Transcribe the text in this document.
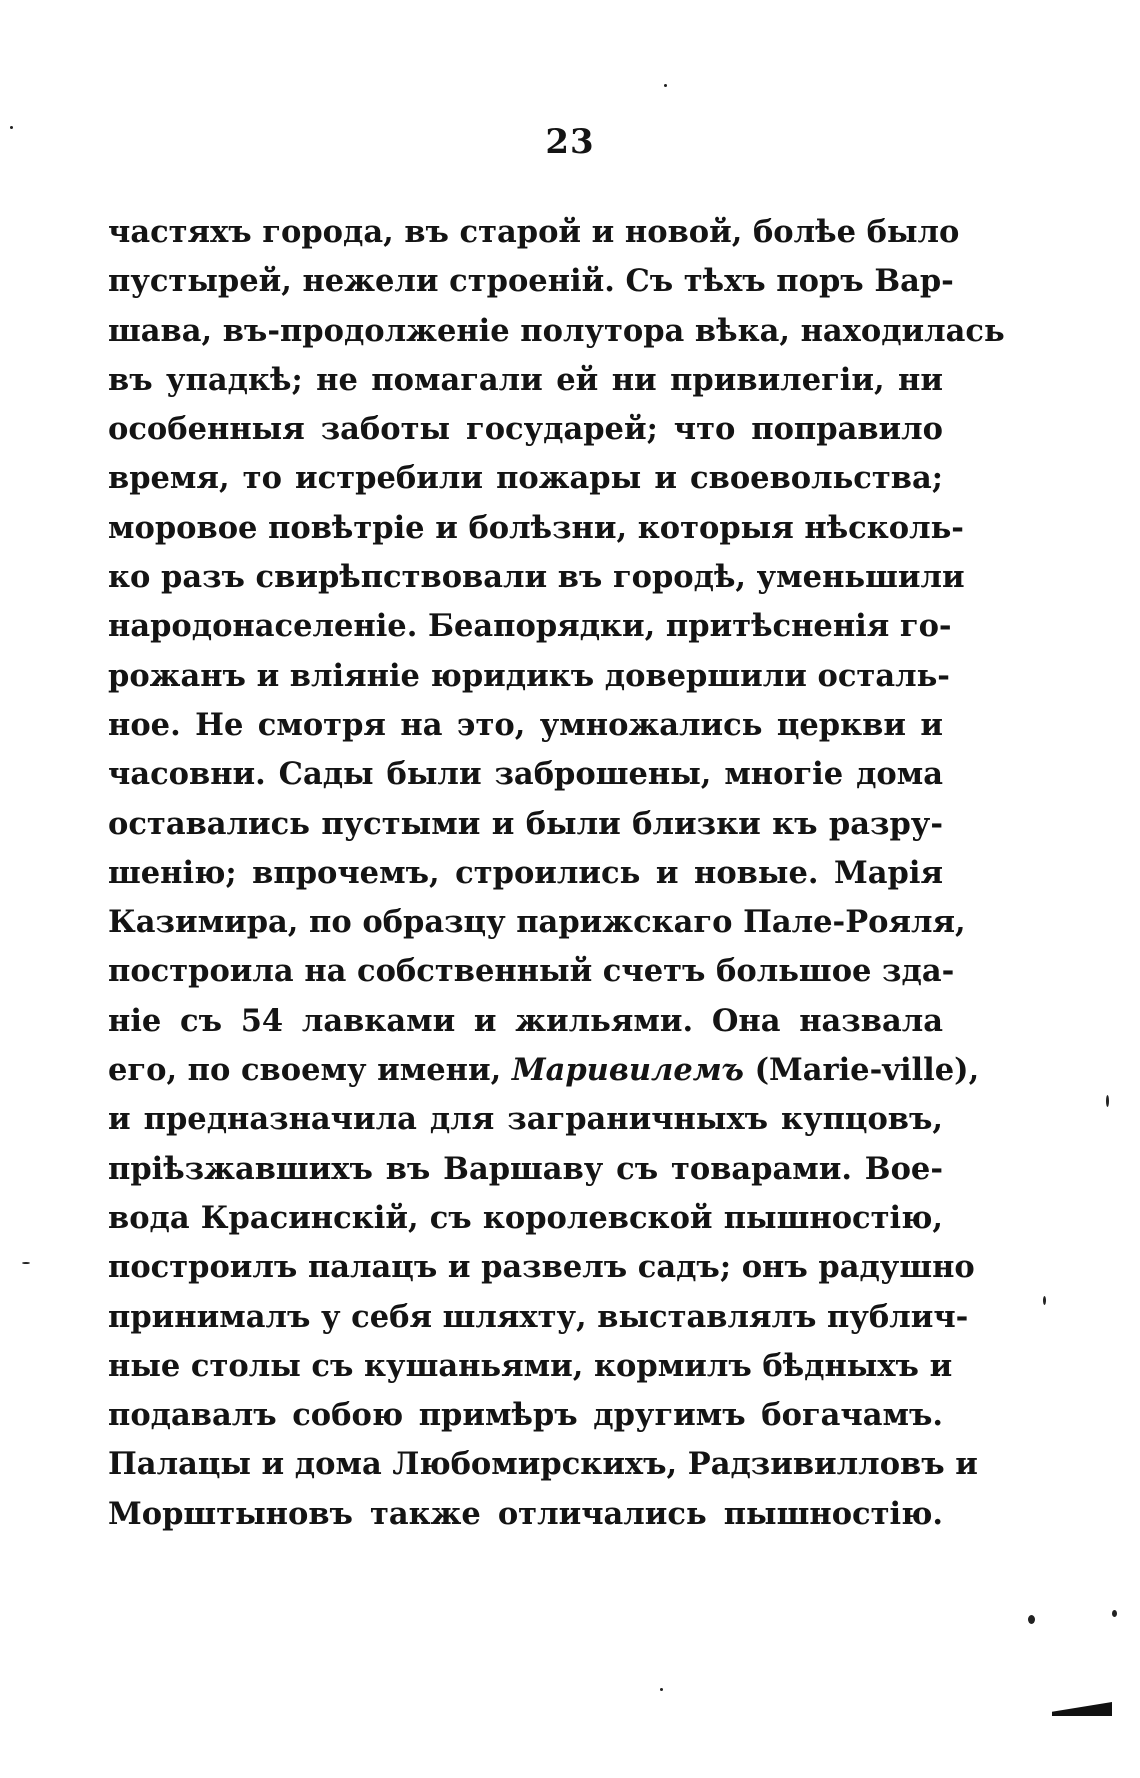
23
частяхъ города, въ старой и новой, болѣе было
пустырей, нежели строеній. Съ тѣхъ поръ Вар-
шава, въ-продолженіе полутора вѣка, находилась
въ упадкѣ; не помагали ей ни привилегіи, ни
особенныя заботы государей; что поправило
время, то истребили пожары и своевольства;
моровое повѣтріе и болѣзни, которыя нѣсколь-
ко разъ свирѣпствовали въ городѣ, уменьшили
народонаселеніе. Беапорядки, притѣсненія го-
рожанъ и вліяніе юридикъ довершили осталь-
ное. Не смотря на это, умножались церкви и
часовни. Сады были заброшены, многіе дома
оставались пустыми и были близки къ разру-
шенію; впрочемъ, строились и новые. Марія
Казимира, по образцу парижскаго Пале-Рояля,
построила на собственный счетъ большое зда-
ніе съ 54 лавками и жильями. Она назвала
его, по своему имени, Маривилемъ (Marie-ville),
и предназначила для заграничныхъ купцовъ,
пріѣзжавшихъ въ Варшаву съ товарами. Вое-
вода Красинскій, съ королевской пышностію,
построилъ палацъ и развелъ садъ; онъ радушно
принималъ у себя шляхту, выставлялъ публич-
ные столы съ кушаньями, кормилъ бѣдныхъ и
подавалъ собою примѣръ другимъ богачамъ.
Палацы и дома Любомирскихъ, Радзивилловъ и
Морштыновъ также отличались пышностію.
